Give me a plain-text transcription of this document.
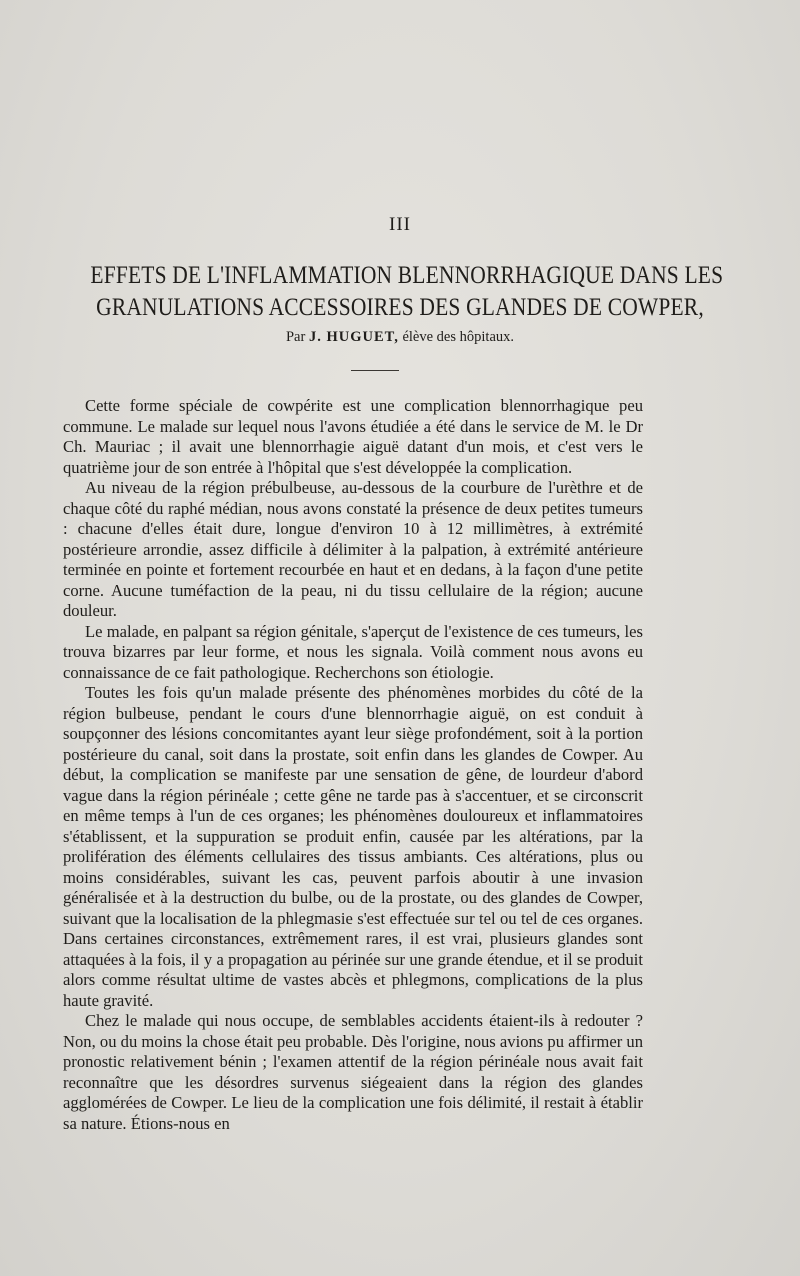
III
EFFETS DE L'INFLAMMATION BLENNORRHAGIQUE DANS LES
GRANULATIONS ACCESSOIRES DES GLANDES DE COWPER,
Par J. HUGUET, élève des hôpitaux.

Cette forme spéciale de cowpérite est une complication blennorrhagique peu commune. Le malade sur lequel nous l'avons étudiée a été dans le service de M. le Dr Ch. Mauriac ; il avait une blennorrhagie aiguë datant d'un mois, et c'est vers le quatrième jour de son entrée à l'hôpital que s'est développée la complication.

Au niveau de la région prébulbeuse, au-dessous de la courbure de l'urèthre et de chaque côté du raphé médian, nous avons constaté la présence de deux petites tumeurs : chacune d'elles était dure, longue d'environ 10 à 12 millimètres, à extrémité postérieure arrondie, assez difficile à délimiter à la palpation, à extrémité antérieure terminée en pointe et fortement recourbée en haut et en dedans, à la façon d'une petite corne. Aucune tuméfaction de la peau, ni du tissu cellulaire de la région; aucune douleur.

Le malade, en palpant sa région génitale, s'aperçut de l'existence de ces tumeurs, les trouva bizarres par leur forme, et nous les signala. Voilà comment nous avons eu connaissance de ce fait pathologique. Recherchons son étiologie.

Toutes les fois qu'un malade présente des phénomènes morbides du côté de la région bulbeuse, pendant le cours d'une blennorrhagie aiguë, on est conduit à soupçonner des lésions concomitantes ayant leur siège profondément, soit à la portion postérieure du canal, soit dans la prostate, soit enfin dans les glandes de Cowper. Au début, la complication se manifeste par une sensation de gêne, de lourdeur d'abord vague dans la région périnéale ; cette gêne ne tarde pas à s'accentuer, et se circonscrit en même temps à l'un de ces organes; les phénomènes douloureux et inflammatoires s'établissent, et la suppuration se produit enfin, causée par les altérations, par la prolifération des éléments cellulaires des tissus ambiants. Ces altérations, plus ou moins considérables, suivant les cas, peuvent parfois aboutir à une invasion généralisée et à la destruction du bulbe, ou de la prostate, ou des glandes de Cowper, suivant que la localisation de la phlegmasie s'est effectuée sur tel ou tel de ces organes. Dans certaines circonstances, extrêmement rares, il est vrai, plusieurs glandes sont attaquées à la fois, il y a propagation au périnée sur une grande étendue, et il se produit alors comme résultat ultime de vastes abcès et phlegmons, complications de la plus haute gravité.

Chez le malade qui nous occupe, de semblables accidents étaient-ils à redouter ? Non, ou du moins la chose était peu probable. Dès l'origine, nous avions pu affirmer un pronostic relativement bénin ; l'examen attentif de la région périnéale nous avait fait reconnaître que les désordres survenus siégeaient dans la région des glandes agglomérées de Cowper. Le lieu de la complication une fois délimité, il restait à établir sa nature. Étions-nous en
